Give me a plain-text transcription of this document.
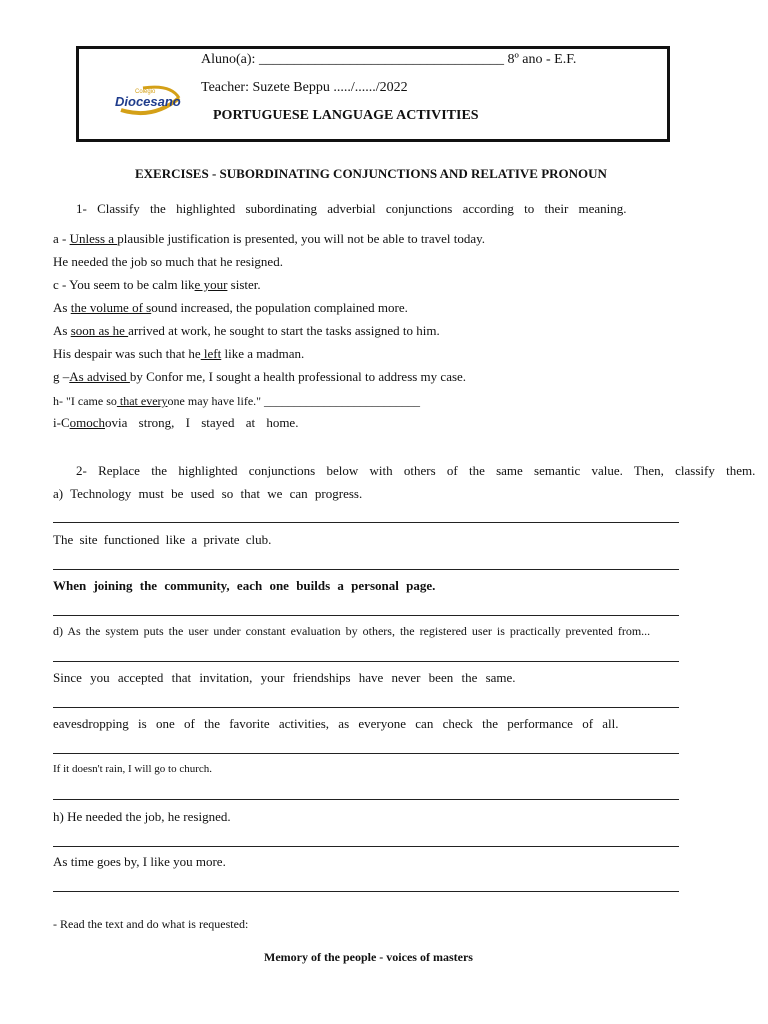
Colégio
Diocesano
Aluno(a): ___________________________________ 8º ano - E.F.
Teacher: Suzete Beppu ...../....../2022
PORTUGUESE LANGUAGE ACTIVITIES
EXERCISES - SUBORDINATING CONJUNCTIONS AND RELATIVE PRONOUN
1- Classify the highlighted subordinating adverbial conjunctions according to their meaning.
a - Unless a plausible justification is presented, you will not be able to travel today.
He needed the job so much that he resigned.
c - You seem to be calm like your sister.
As the volume of sound increased, the population complained more.
As soon as he arrived at work, he sought to start the tasks assigned to him.
His despair was such that he left like a madman.
g –As advised by Confor me, I sought a health professional to address my case.
h- "I came so that everyone may have life." __________________________
i-Comochovia strong, I stayed at home.
2- Replace the highlighted conjunctions below with others of the same semantic value. Then, classify them.
a) Technology must be used so that we can progress.
The site functioned like a private club.
When joining the community, each one builds a personal page.
d) As the system puts the user under constant evaluation by others, the registered user is practically prevented from...
Since you accepted that invitation, your friendships have never been the same.
eavesdropping is one of the favorite activities, as everyone can check the performance of all.
If it doesn't rain, I will go to church.
h) He needed the job, he resigned.
As time goes by, I like you more.
- Read the text and do what is requested:
Memory of the people - voices of masters
